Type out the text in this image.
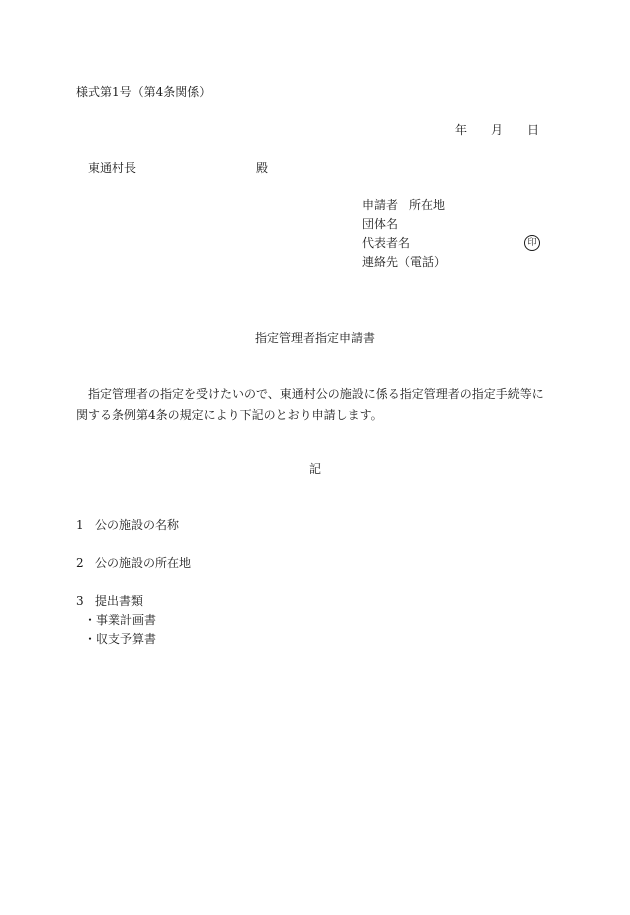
様式第1号（第4条関係）
年 月 日
東通村長	殿
申請者 所在地
団体名
代表者名	印
連絡先（電話）
指定管理者指定申請書
指定管理者の指定を受けたいので、東通村公の施設に係る指定管理者の指定手続等に関する条例第4条の規定により下記のとおり申請します。
記
1 公の施設の名称
2 公の施設の所在地
3 提出書類
・事業計画書
・収支予算書
